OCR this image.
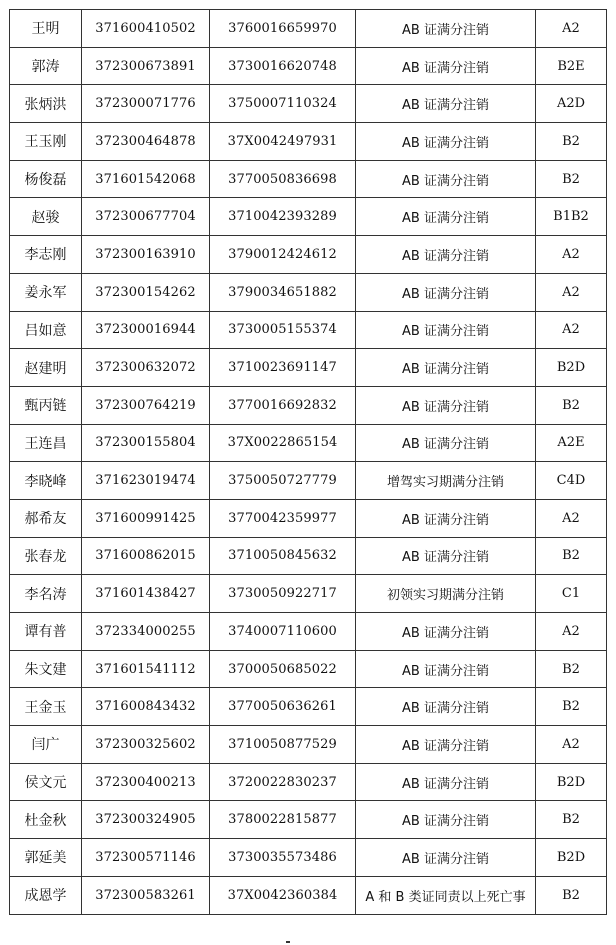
王明	371600410502	3760016659970	AB 证满分注销	A2
郭涛	372300673891	3730016620748	AB 证满分注销	B2E
张炳洪	372300071776	3750007110324	AB 证满分注销	A2D
王玉刚	372300464878	37X0042497931	AB 证满分注销	B2
杨俊磊	371601542068	3770050836698	AB 证满分注销	B2
赵骏	372300677704	3710042393289	AB 证满分注销	B1B2
李志刚	372300163910	3790012424612	AB 证满分注销	A2
姜永军	372300154262	3790034651882	AB 证满分注销	A2
吕如意	372300016944	3730005155374	AB 证满分注销	A2
赵建明	372300632072	3710023691147	AB 证满分注销	B2D
甄丙链	372300764219	3770016692832	AB 证满分注销	B2
王连昌	372300155804	37X0022865154	AB 证满分注销	A2E
李晓峰	371623019474	3750050727779	增驾实习期满分注销	C4D
郝希友	371600991425	3770042359977	AB 证满分注销	A2
张春龙	371600862015	3710050845632	AB 证满分注销	B2
李名涛	371601438427	3730050922717	初领实习期满分注销	C1
谭有普	372334000255	3740007110600	AB 证满分注销	A2
朱文建	371601541112	3700050685022	AB 证满分注销	B2
王金玉	371600843432	3770050636261	AB 证满分注销	B2
闫广	372300325602	3710050877529	AB 证满分注销	A2
侯文元	372300400213	3720022830237	AB 证满分注销	B2D
杜金秋	372300324905	3780022815877	AB 证满分注销	B2
郭延美	372300571146	3730035573486	AB 证满分注销	B2D
成恩学	372300583261	37X0042360384	A 和 B 类证同责以上死亡事	B2
